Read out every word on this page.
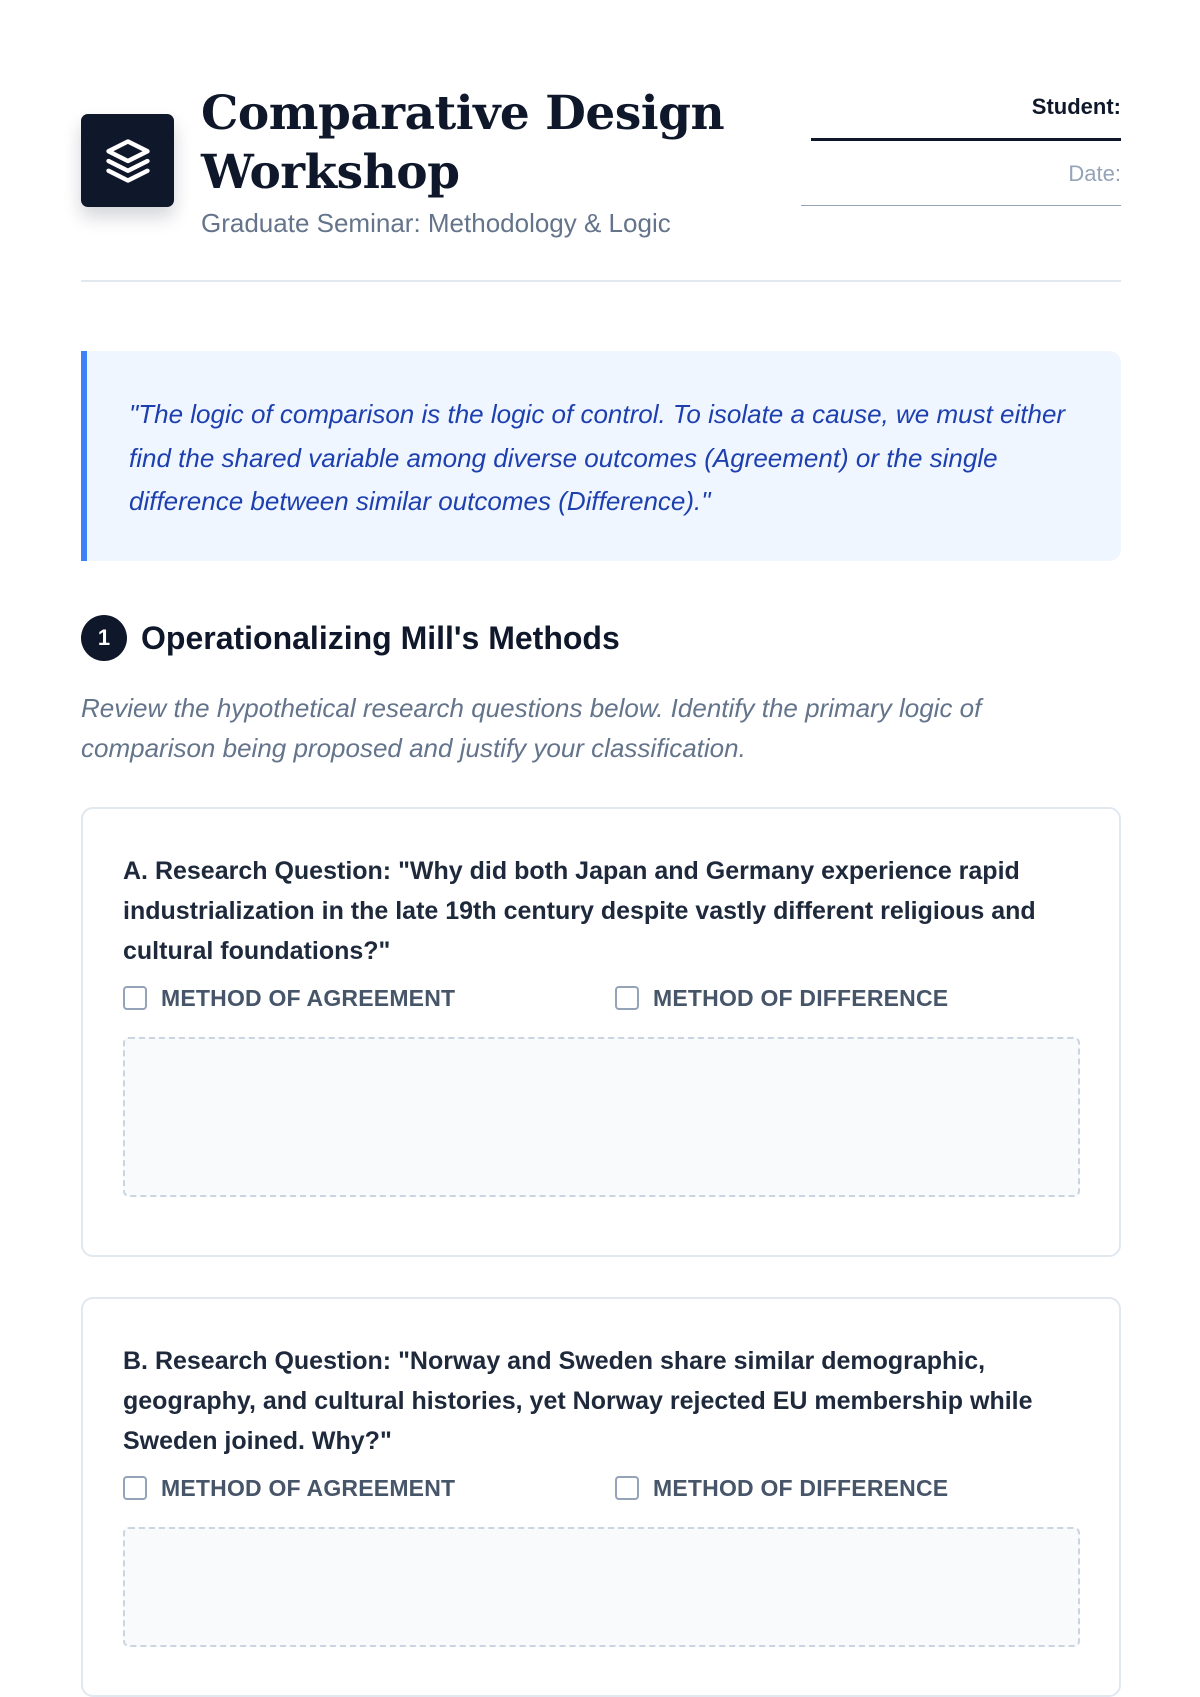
Comparative Design Workshop
Graduate Seminar: Methodology & Logic
Student:
Date:
"The logic of comparison is the logic of control. To isolate a cause, we must either find the shared variable among diverse outcomes (Agreement) or the single difference between similar outcomes (Difference)."
1 Operationalizing Mill's Methods
Review the hypothetical research questions below. Identify the primary logic of comparison being proposed and justify your classification.
A. Research Question: "Why did both Japan and Germany experience rapid industrialization in the late 19th century despite vastly different religious and cultural foundations?"
METHOD OF AGREEMENT	METHOD OF DIFFERENCE
B. Research Question: "Norway and Sweden share similar demographic, geography, and cultural histories, yet Norway rejected EU membership while Sweden joined. Why?"
METHOD OF AGREEMENT	METHOD OF DIFFERENCE
